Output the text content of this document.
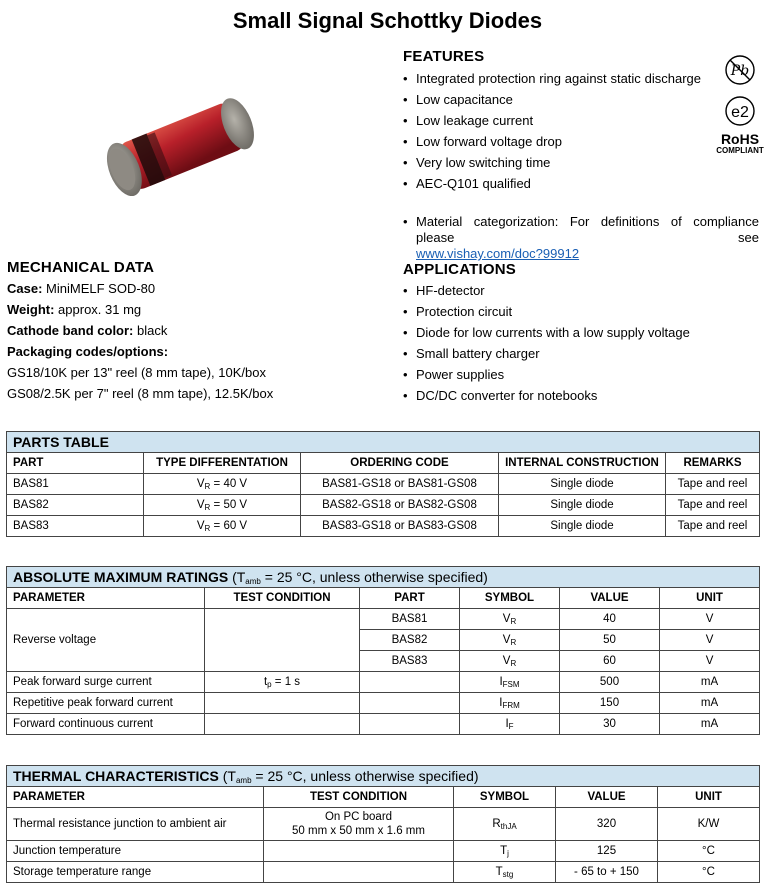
Small Signal Schottky Diodes
FEATURES
• Integrated protection ring against static discharge
• Low capacitance
• Low leakage current
• Low forward voltage drop
• Very low switching time
• AEC-Q101 qualified
• Material categorization: For definitions of compliance please see
www.vishay.com/doc?99912
Pb

e2
RoHS
COMPLIANT
MECHANICAL DATA
Case: MiniMELF SOD-80
Weight: approx. 31 mg
Cathode band color: black
Packaging codes/options:
GS18/10K per 13" reel (8 mm tape), 10K/box
GS08/2.5K per 7" reel (8 mm tape), 12.5K/box
APPLICATIONS
• HF-detector
• Protection circuit
• Diode for low currents with a low supply voltage
• Small battery charger
• Power supplies
• DC/DC converter for notebooks
PARTS TABLE				
PART	TYPE DIFFERENTATION	ORDERING CODE	INTERNAL CONSTRUCTION	REMARKS
BAS81	$V_R = 40$ V	BAS81-GS18 or BAS81-GS08	Single diode	Tape and reel
BAS82	$V_R = 50$ V	BAS82-GS18 or BAS82-GS08	Single diode	Tape and reel
BAS83	$V_R = 60$ V	BAS83-GS18 or BAS83-GS08	Single diode	Tape and reel
ABSOLUTE MAXIMUM RATINGS ($T_{amb} = 25$ °C, unless otherwise specified)					
PARAMETER	TEST CONDITION	PART	SYMBOL	VALUE	UNIT
Reverse voltage		BAS81	$V_R$	40	V
		BAS82	$V_R$	50	V
		BAS83	$V_R$	60	V
Peak forward surge current	$t_p = 1$ s		$I_{FSM}$	500	mA
Repetitive peak forward current			$I_{FRM}$	150	mA
Forward continuous current			$I_F$	30	mA
THERMAL CHARACTERISTICS ($T_{amb} = 25$ °C, unless otherwise specified)				
PARAMETER	TEST CONDITION	SYMBOL	VALUE	UNIT
Thermal resistance junction to ambient air	On PC board
50 mm x 50 mm x 1.6 mm	$R_{thJA}$	320	K/W
Junction temperature		$T_j$	125	°C
Storage temperature range		$T_{stg}$	- 65 to + 150	°C
